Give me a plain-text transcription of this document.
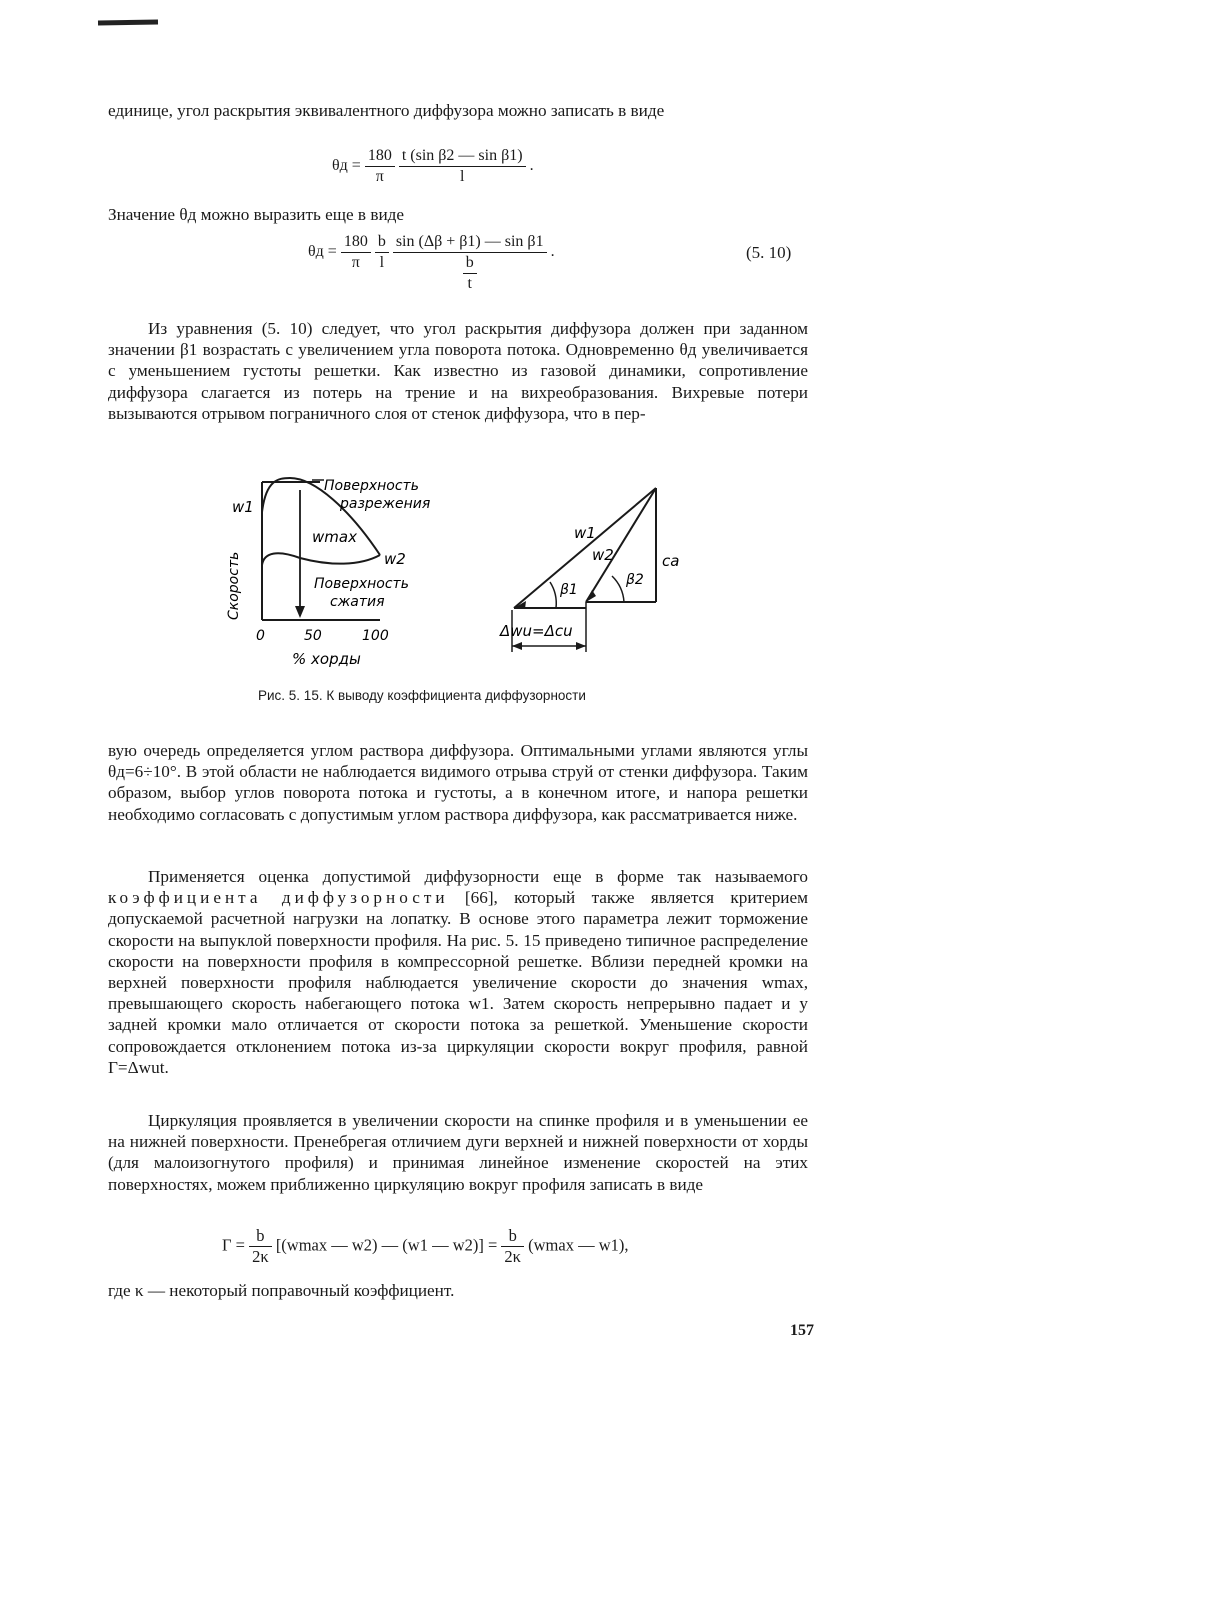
единице, угол раскрытия эквивалентного диффузора можно записать в виде
$\theta д = \frac{180}{\pi}$
$\frac{\text{t (sin β2 — sin β1)}}{l}$ .
Значение θд можно выразить еще в виде
$\theta д = \frac{180}{\pi}$
$\frac{b}{l}$
$\frac{\text{sin (Δβ + β1) — sin β1}}{\frac{b}{t}}$ .	(5. 10)
Из уравнения (5. 10) следует, что угол раскрытия диффузора должен при заданном значении β1 возрастать с увеличением угла поворота потока. Одновременно θд увеличивается с уменьшением густоты решетки. Как известно из газовой динамики, сопротивление диффузора слагается из потерь на трение и на вихреобразования. Вихревые потери вызываются отрывом пограничного слоя от стенок диффузора, что в пер-
w1
wmax
w2
Поверхность
разрежения
Поверхность
сжатия
Скорость
0	50	100
% хорды
w1
w2	ca
β1
β2
Δwu=Δcu
Рис. 5. 15. К выводу коэффициента диффузорности
вую очередь определяется углом раствора диффузора. Оптимальными углами являются углы θд=6÷10°. В этой области не наблюдается видимого отрыва струй от стенки диффузора. Таким образом, выбор углов поворота потока и густоты, а в конечном итоге, и напора решетки необходимо согласовать с допустимым углом раствора диффузора, как рассматривается ниже.
Применяется оценка допустимой диффузорности еще в форме так называемого коэффициента диффузорности [66], который также является критерием допускаемой расчетной нагрузки на лопатку. В основе этого параметра лежит торможение скорости на выпуклой поверхности профиля. На рис. 5. 15 приведено типичное распределение скорости на поверхности профиля в компрессорной решетке. Вблизи передней кромки на верхней поверхности профиля наблюдается увеличение скорости до значения wmax, превышающего скорость набегающего потока w1. Затем скорость непрерывно падает и у задней кромки мало отличается от скорости потока за решеткой. Уменьшение скорости сопровождается отклонением потока из-за циркуляции скорости вокруг профиля, равной Г=Δwut.
Циркуляция проявляется в увеличении скорости на спинке профиля и в уменьшении ее на нижней поверхности. Пренебрегая отличием дуги верхней и нижней поверхности от хорды (для малоизогнутого профиля) и принимая линейное изменение скоростей на этих поверхностях, можем приближенно циркуляцию вокруг профиля записать в виде
$Г = \frac{b}{2\kappa} [(wmax$ — w2) — (w1 — $w2)] = \frac{b}{2\kappa} (wmax$ — w1),
где κ — некоторый поправочный коэффициент.
157
